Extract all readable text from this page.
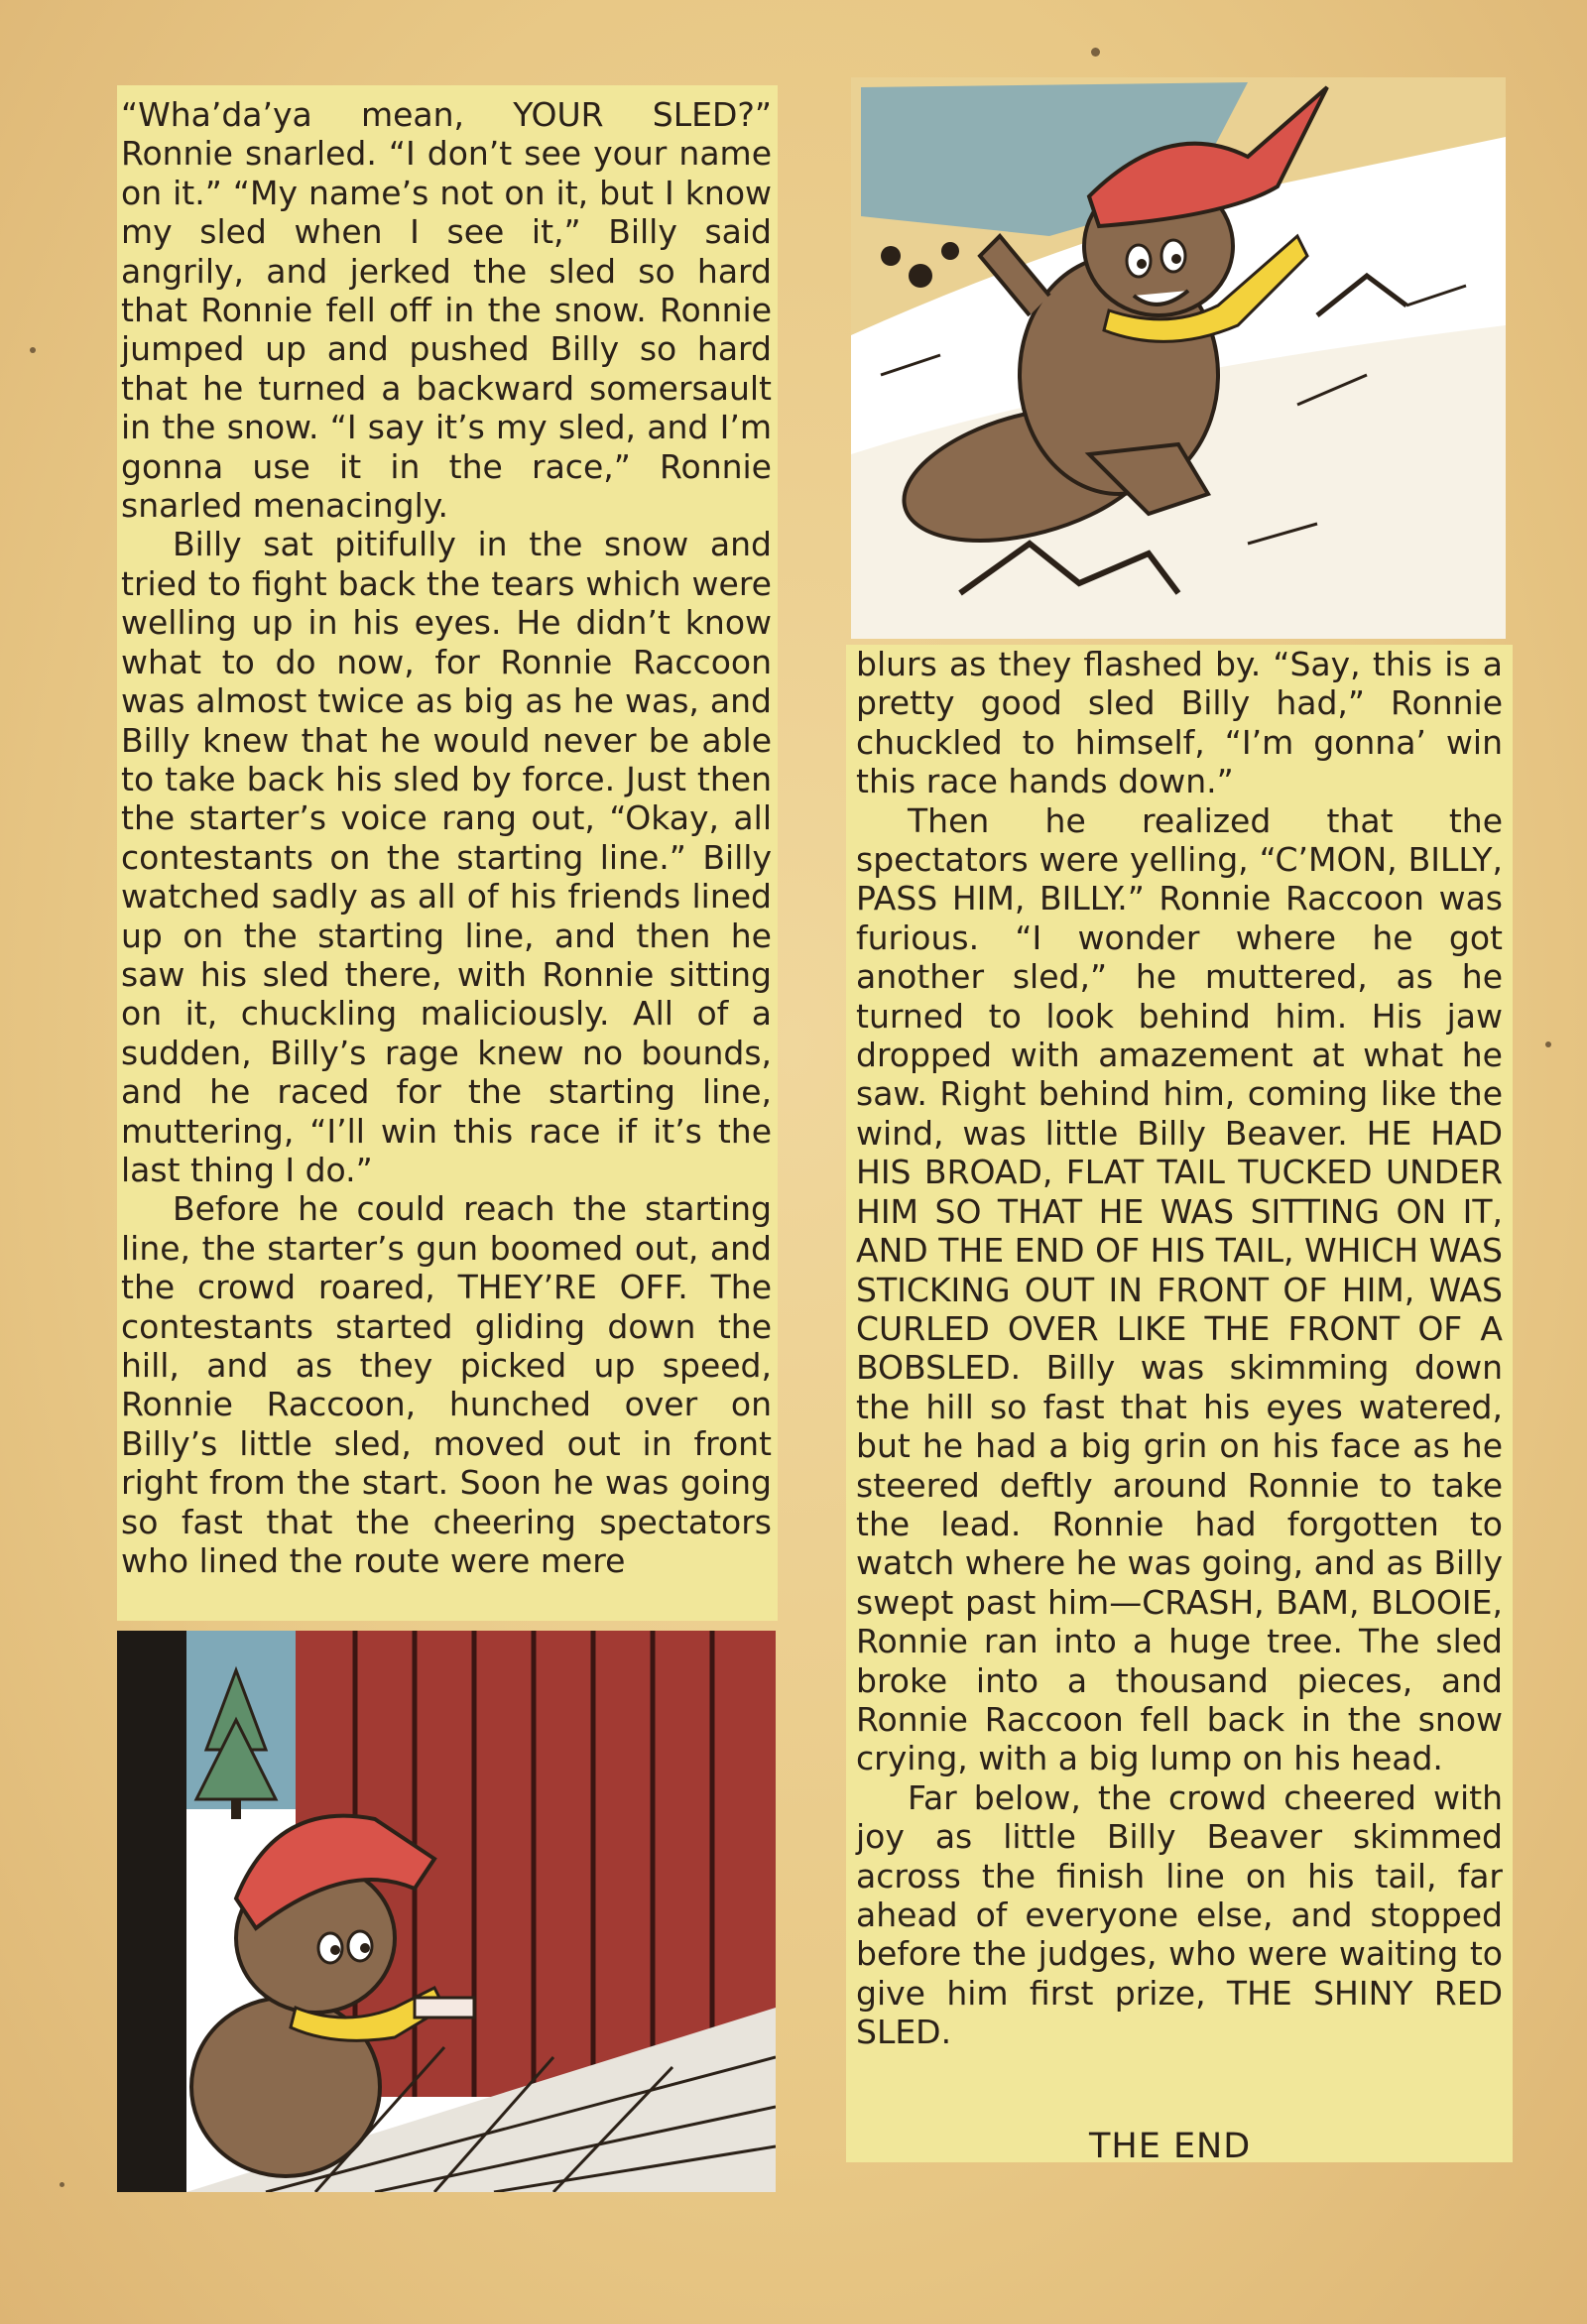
“Wha’da’ya mean, YOUR SLED?” Ronnie snarled. “I don’t see your name on it.” “My name’s not on it, but I know my sled when I see it,” Billy said angrily, and jerked the sled so hard that Ronnie fell off in the snow. Ronnie jumped up and pushed Billy so hard that he turned a backward somersault in the snow. “I say it’s my sled, and I’m gonna use it in the race,” Ronnie snarled menacingly.

Billy sat pitifully in the snow and tried to fight back the tears which were welling up in his eyes. He didn’t know what to do now, for Ronnie Raccoon was almost twice as big as he was, and Billy knew that he would never be able to take back his sled by force. Just then the starter’s voice rang out, “Okay, all contestants on the starting line.” Billy watched sadly as all of his friends lined up on the starting line, and then he saw his sled there, with Ronnie sitting on it, chuckling maliciously. All of a sudden, Billy’s rage knew no bounds, and he raced for the starting line, muttering, “I’ll win this race if it’s the last thing I do.”

Before he could reach the starting line, the starter’s gun boomed out, and the crowd roared, THEY’RE OFF. The contestants started gliding down the hill, and as they picked up speed, Ronnie Raccoon, hunched over on Billy’s little sled, moved out in front right from the start. Soon he was going so fast that the cheering spectators who lined the route were mere

blurs as they flashed by. “Say, this is a pretty good sled Billy had,” Ronnie chuckled to himself, “I’m gonna’ win this race hands down.”

Then he realized that the spectators were yelling, “C’MON, BILLY, PASS HIM, BILLY.” Ronnie Raccoon was furious. “I wonder where he got another sled,” he muttered, as he turned to look behind him. His jaw dropped with amazement at what he saw. Right behind him, coming like the wind, was little Billy Beaver. HE HAD HIS BROAD, FLAT TAIL TUCKED UNDER HIM SO THAT HE WAS SITTING ON IT, AND THE END OF HIS TAIL, WHICH WAS STICKING OUT IN FRONT OF HIM, WAS CURLED OVER LIKE THE FRONT OF A BOBSLED. Billy was skimming down the hill so fast that his eyes watered, but he had a big grin on his face as he steered deftly around Ronnie to take the lead. Ronnie had forgotten to watch where he was going, and as Billy swept past him—CRASH, BAM, BLOOIE, Ronnie ran into a huge tree. The sled broke into a thousand pieces, and Ronnie Raccoon fell back in the snow crying, with a big lump on his head.

Far below, the crowd cheered with joy as little Billy Beaver skimmed across the finish line on his tail, far ahead of everyone else, and stopped before the judges, who were waiting to give him first prize, THE SHINY RED SLED.

THE END
